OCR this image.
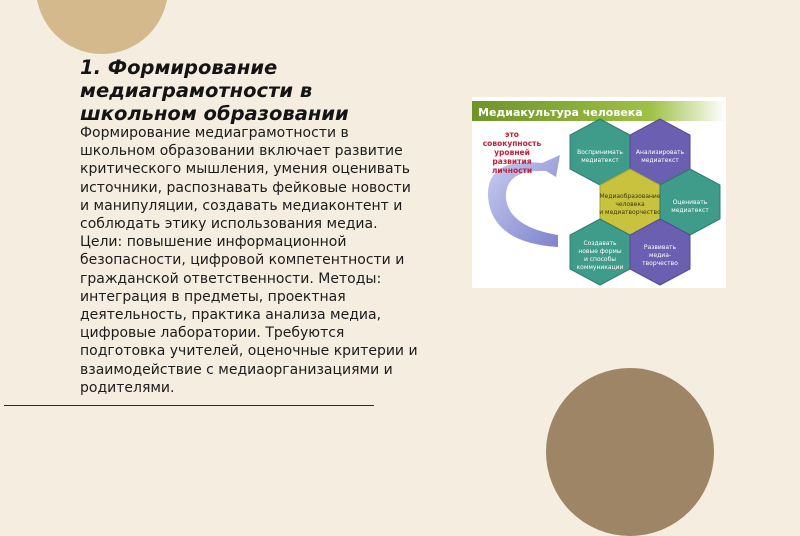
1. Формирование медиаграмотности в школьном образовании

Формирование медиаграмотности в школьном образовании включает развитие критического мышления, умения оценивать источники, распознавать фейковые новости и манипуляции, создавать медиаконтент и соблюдать этику использования медиа. Цели: повышение информационной безопасности, цифровой компетентности и гражданской ответственности. Методы: интеграция в предметы, проектная деятельность, практика анализа медиа, цифровые лаборатории. Требуются подготовка учителей, оценочные критерии и взаимодействие с медиаорганизациями и родителями.

Медиакультура человека
это
совокупность
уровней
развития
личности
Воспринимать
медиатекст
Анализировать
медиатекст
Медиаобразование
человека
и медиатворчество
Оценивать
медиатекст
Создавать
новые формы
и способы
коммуникации
Развивать
медиа-
творчество
